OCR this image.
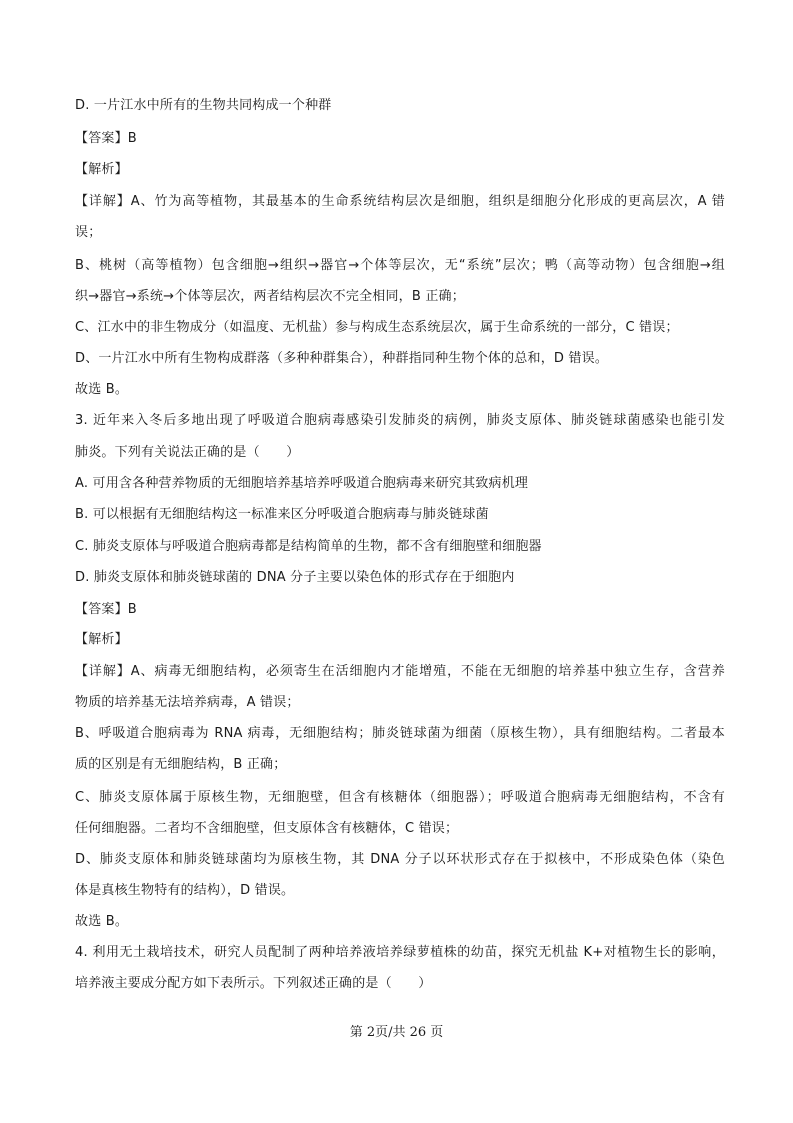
D. 一片江水中所有的生物共同构成一个种群
【答案】B
【解析】
【详解】A、竹为高等植物，其最基本的生命系统结构层次是细胞，组织是细胞分化形成的更高层次，A 错
误；
B、桃树（高等植物）包含细胞→组织→器官→个体等层次，无“系统”层次；鸭（高等动物）包含细胞→组
织→器官→系统→个体等层次，两者结构层次不完全相同，B 正确；
C、江水中的非生物成分（如温度、无机盐）参与构成生态系统层次，属于生命系统的一部分，C 错误；
D、一片江水中所有生物构成群落（多种种群集合），种群指同种生物个体的总和，D 错误。
故选 B。
3. 近年来入冬后多地出现了呼吸道合胞病毒感染引发肺炎的病例，肺炎支原体、肺炎链球菌感染也能引发
肺炎。下列有关说法正确的是（　　）
A. 可用含各种营养物质的无细胞培养基培养呼吸道合胞病毒来研究其致病机理
B. 可以根据有无细胞结构这一标准来区分呼吸道合胞病毒与肺炎链球菌
C. 肺炎支原体与呼吸道合胞病毒都是结构简单的生物，都不含有细胞壁和细胞器
D. 肺炎支原体和肺炎链球菌的 DNA 分子主要以染色体的形式存在于细胞内
【答案】B
【解析】
【详解】A、病毒无细胞结构，必须寄生在活细胞内才能增殖，不能在无细胞的培养基中独立生存，含营养
物质的培养基无法培养病毒，A 错误；
B、呼吸道合胞病毒为 RNA 病毒，无细胞结构；肺炎链球菌为细菌（原核生物），具有细胞结构。二者最本
质的区别是有无细胞结构，B 正确；
C、肺炎支原体属于原核生物，无细胞壁，但含有核糖体（细胞器）；呼吸道合胞病毒无细胞结构，不含有
任何细胞器。二者均不含细胞壁，但支原体含有核糖体，C 错误；
D、肺炎支原体和肺炎链球菌均为原核生物，其 DNA 分子以环状形式存在于拟核中，不形成染色体（染色
体是真核生物特有的结构），D 错误。
故选 B。
4. 利用无土栽培技术，研究人员配制了两种培养液培养绿萝植株的幼苗，探究无机盐 K+对植物生长的影响，
培养液主要成分配方如下表所示。下列叙述正确的是（　　）
第 2页/共 26 页
